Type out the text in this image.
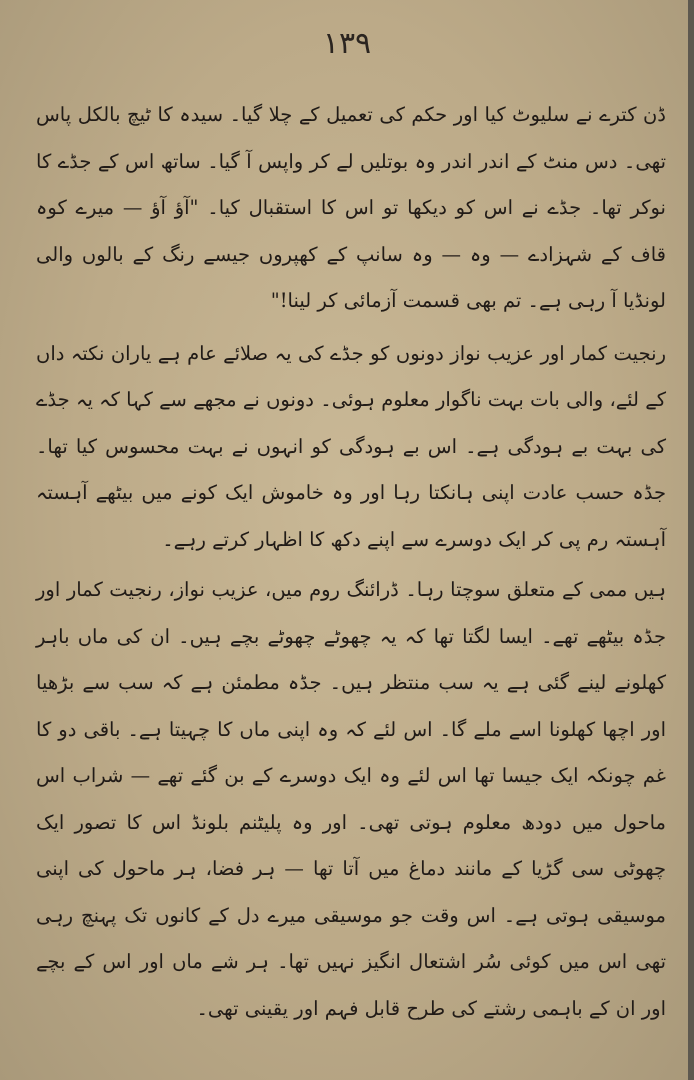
۱۳۹

ڈن کترے نے سلیوٹ کیا اور حکم کی تعمیل کے چلا گیا۔ سیدہ کا ٹیچ بالکل پاس تھی۔ دس منٹ کے اندر اندر وہ بوتلیں لے کر واپس آ گیا۔ ساتھ اس کے جڈے کا نوکر تھا۔ جڈے نے اس کو دیکھا تو اس کا استقبال کیا۔ "آؤ آؤ — میرے کوہ قاف کے شہزادے — وہ — وہ سانپ کے کھپروں جیسے رنگ کے بالوں والی لونڈیا آ رہی ہے۔ تم بھی قسمت آزمائی کر لینا!"

رنجیت کمار اور عزیب نواز دونوں کو جڈے کی یہ صلائے عام ہے یاران نکتہ داں کے لئے، والی بات بہت ناگوار معلوم ہوئی۔ دونوں نے مجھے سے کہا کہ یہ جڈے کی بہت بے ہودگی ہے۔ اس بے ہودگی کو انہوں نے بہت محسوس کیا تھا۔ جڈہ حسب عادت اپنی ہانکتا رہا اور وہ خاموش ایک کونے میں بیٹھے آہستہ آہستہ رم پی کر ایک دوسرے سے اپنے دکھ کا اظہار کرتے رہے۔

ہیں ممی کے متعلق سوچتا رہا۔ ڈرائنگ روم میں، عزیب نواز، رنجیت کمار اور جڈہ بیٹھے تھے۔ ایسا لگتا تھا کہ یہ چھوٹے چھوٹے بچے ہیں۔ ان کی ماں باہر کھلونے لینے گئی ہے یہ سب منتظر ہیں۔ جڈہ مطمئن ہے کہ سب سے بڑھیا اور اچھا کھلونا اسے ملے گا۔ اس لئے کہ وہ اپنی ماں کا چہیتا ہے۔ باقی دو کا غم چونکہ ایک جیسا تھا اس لئے وہ ایک دوسرے کے بن گئے تھے — شراب اس ماحول میں دودھ معلوم ہوتی تھی۔ اور وہ پلیٹنم بلونڈ اس کا تصور ایک چھوٹی سی گڑیا کے مانند دماغ میں آتا تھا — ہر فضا، ہر ماحول کی اپنی موسیقی ہوتی ہے۔ اس وقت جو موسیقی میرے دل کے کانوں تک پہنچ رہی تھی اس میں کوئی سُر اشتعال انگیز نہیں تھا۔ ہر شے ماں اور اس کے بچے اور ان کے باہمی رشتے کی طرح قابل فہم اور یقینی تھی۔
